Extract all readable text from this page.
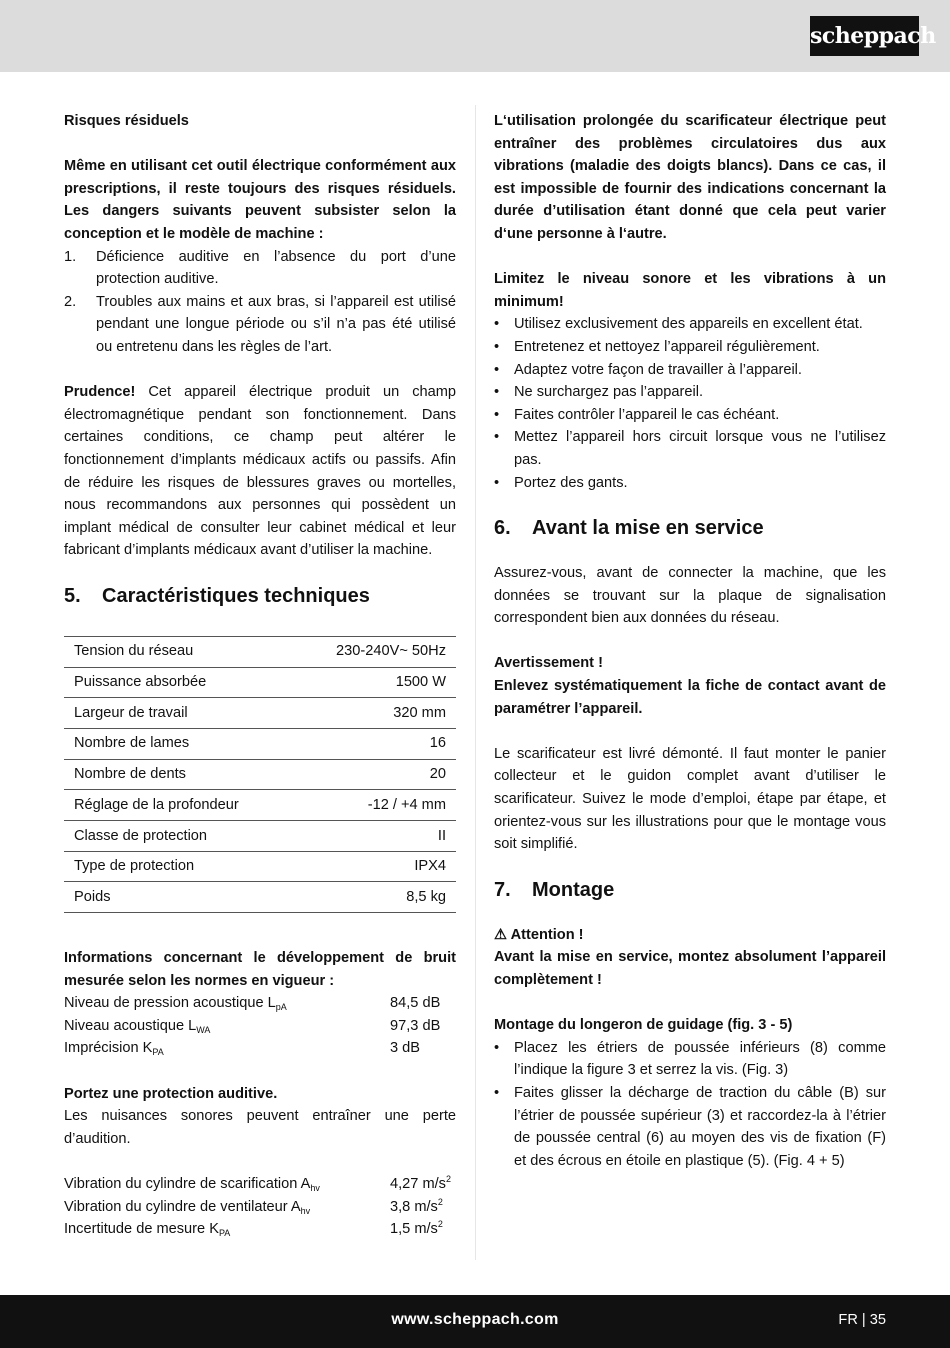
scheppach

Risques résiduels

Même en utilisant cet outil électrique conformément aux prescriptions, il reste toujours des risques résiduels. Les dangers suivants peuvent subsister selon la conception et le modèle de machine :

1. Déficience auditive en l’absence du port d’une protection auditive.
2. Troubles aux mains et aux bras, si l’appareil est utilisé pendant une longue période ou s’il n’a pas été utilisé ou entretenu dans les règles de l’art.

Prudence! Cet appareil électrique produit un champ électromagnétique pendant son fonctionnement. Dans certaines conditions, ce champ peut altérer le fonctionnement d’implants médicaux actifs ou passifs. Afin de réduire les risques de blessures graves ou mortelles, nous recommandons aux personnes qui possèdent un implant médical de consulter leur cabinet médical et leur fabricant d’implants médicaux avant d’utiliser la machine.

5.	Caractéristiques techniques
Tension du réseau	230-240V~ 50Hz
Puissance absorbée	1500 W
Largeur de travail	320 mm
Nombre de lames	16
Nombre de dents	20
Réglage de la profondeur	-12 / +4 mm
Classe de protection	II
Type de protection	IPX4
Poids	8,5 kg

Informations concernant le développement de bruit mesurée selon les normes en vigueur :

Niveau de pression acoustique $L_{pA}$	84,5 dB
Niveau acoustique $L_{WA}$	97,3 dB
Imprécision $K_{PA}$	3 dB

Portez une protection auditive.

Les nuisances sonores peuvent entraîner une perte d’audition.

Vibration du cylindre de scarification $A_{hv}$	4,27 $m/s^2$
Vibration du cylindre de ventilateur $A_{hv}$	3,8 $m/s^2$
Incertitude de mesure $K_{PA}$	1,5 $m/s^2$

L‘utilisation prolongée du scarificateur électrique peut entraîner des problèmes circulatoires dus aux vibrations (maladie des doigts blancs). Dans ce cas, il est impossible de fournir des indications concernant la durée d’utilisation étant donné que cela peut varier d‘une personne à l‘autre.

Limitez le niveau sonore et les vibrations à un minimum!

• Utilisez exclusivement des appareils en excellent état.
• Entretenez et nettoyez l’appareil régulièrement.
• Adaptez votre façon de travailler à l’appareil.
• Ne surchargez pas l’appareil.
• Faites contrôler l’appareil le cas échéant.
• Mettez l’appareil hors circuit lorsque vous ne l’utilisez pas.
• Portez des gants.
6.	Avant la mise en service

Assurez-vous, avant de connecter la machine, que les données se trouvant sur la plaque de signalisation correspondent bien aux données du réseau.

Avertissement !

Enlevez systématiquement la fiche de contact avant de paramétrer l’appareil.

Le scarificateur est livré démonté. Il faut monter le panier collecteur et le guidon complet avant d’utiliser le scarificateur. Suivez le mode d’emploi, étape par étape, et orientez-vous sur les illustrations pour que le montage vous soit simplifié.

7.	Montage

⚠ Attention !

Avant la mise en service, montez absolument l’appareil complètement !

Montage du longeron de guidage (fig. 3 - 5)

• Placez les étriers de poussée inférieurs (8) comme l’indique la figure 3 et serrez la vis. (Fig. 3)
• Faites glisser la décharge de traction du câble (B) sur l’étrier de poussée supérieur (3) et raccordez-la à l’étrier de poussée central (6) au moyen des vis de fixation (F) et des écrous en étoile en plastique (5). (Fig. 4 + 5)
www.scheppach.com	FR | 35
